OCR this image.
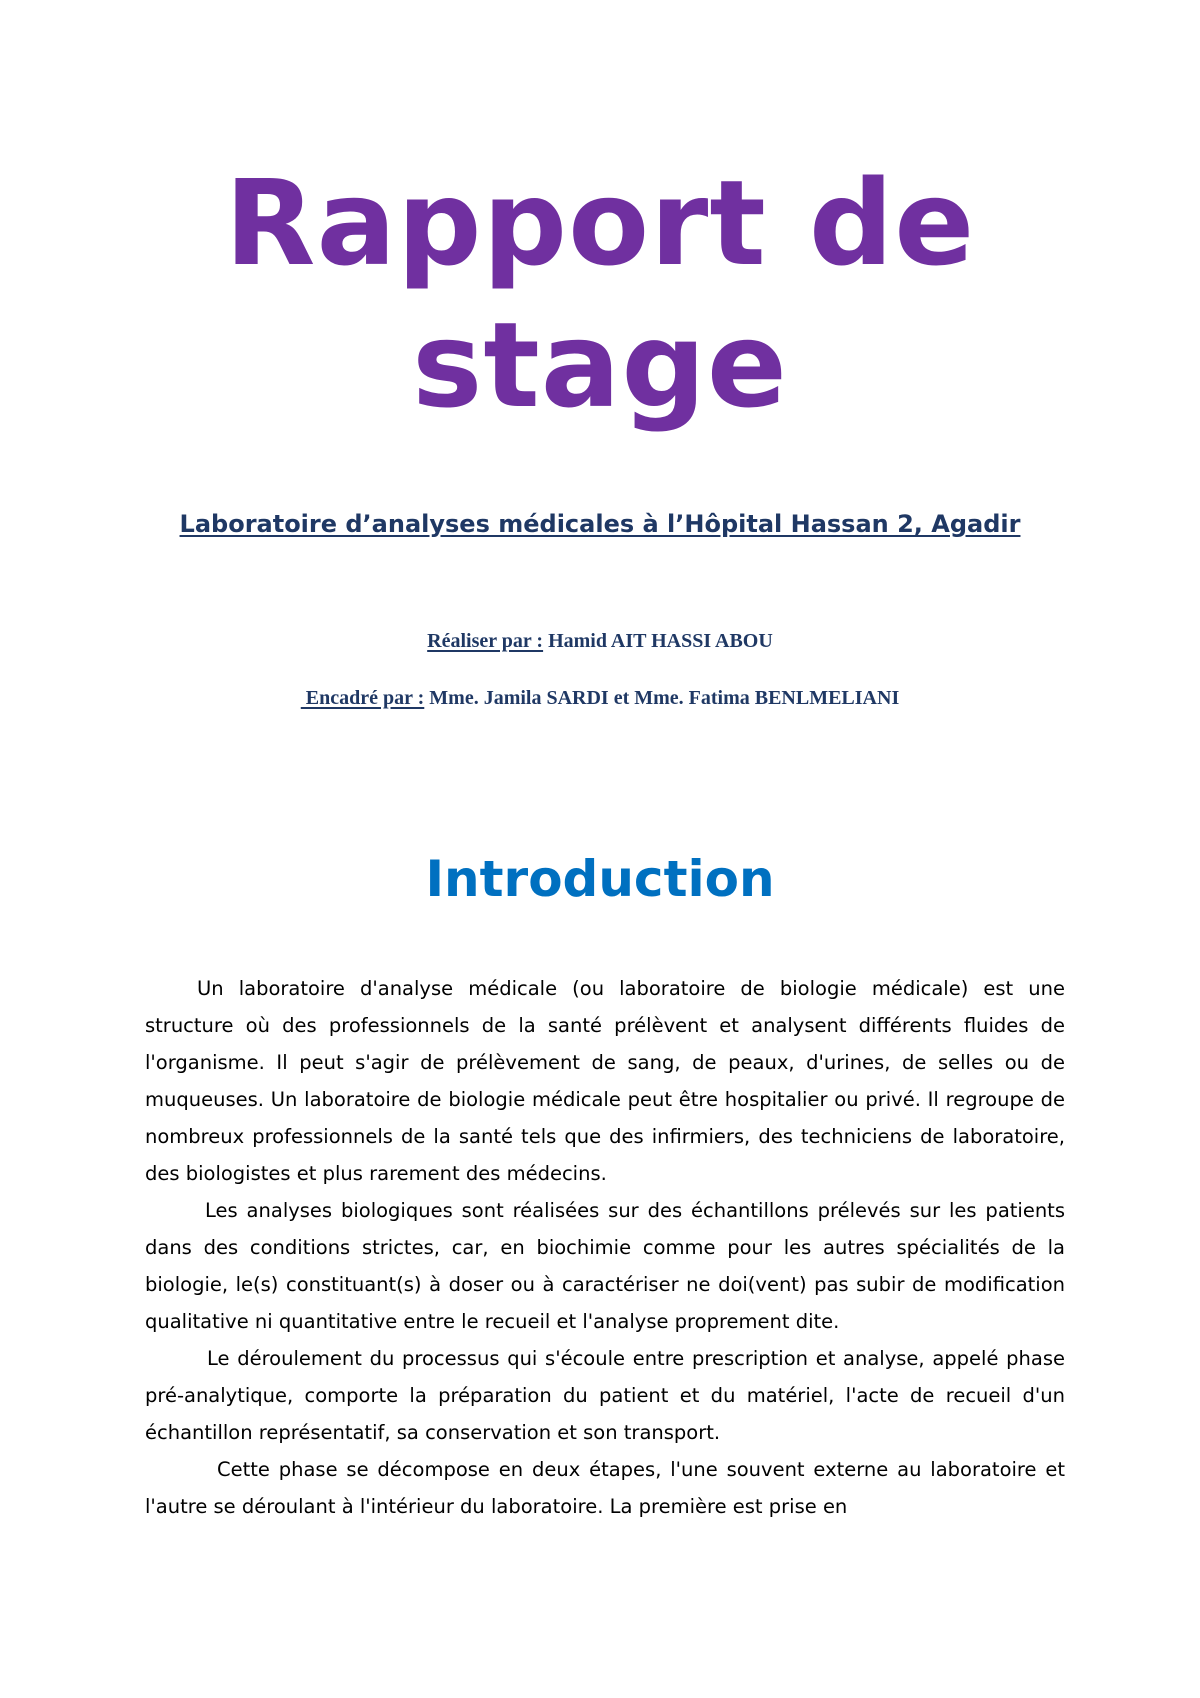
Rapport de
stage

Laboratoire d’analyses médicales à l’Hôpital Hassan 2, Agadir

Réaliser par : Hamid AIT HASSI ABOU

Encadré par : Mme. Jamila SARDI et Mme. Fatima BENLMELIANI

Introduction

Un laboratoire d'analyse médicale (ou laboratoire de biologie médicale) est une structure où des professionnels de la santé prélèvent et analysent différents fluides de l'organisme. Il peut s'agir de prélèvement de sang, de peaux, d'urines, de selles ou de muqueuses. Un laboratoire de biologie médicale peut être hospitalier ou privé. Il regroupe de nombreux professionnels de la santé tels que des infirmiers, des techniciens de laboratoire, des biologistes et plus rarement des médecins.

Les analyses biologiques sont réalisées sur des échantillons prélevés sur les patients dans des conditions strictes, car, en biochimie comme pour les autres spécialités de la biologie, le(s) constituant(s) à doser ou à caractériser ne doi(vent) pas subir de modification qualitative ni quantitative entre le recueil et l'analyse proprement dite.

Le déroulement du processus qui s'écoule entre prescription et analyse, appelé phase pré-analytique, comporte la préparation du patient et du matériel, l'acte de recueil d'un échantillon représentatif, sa conservation et son transport.

Cette phase se décompose en deux étapes, l'une souvent externe au laboratoire et l'autre se déroulant à l'intérieur du laboratoire. La première est prise en
